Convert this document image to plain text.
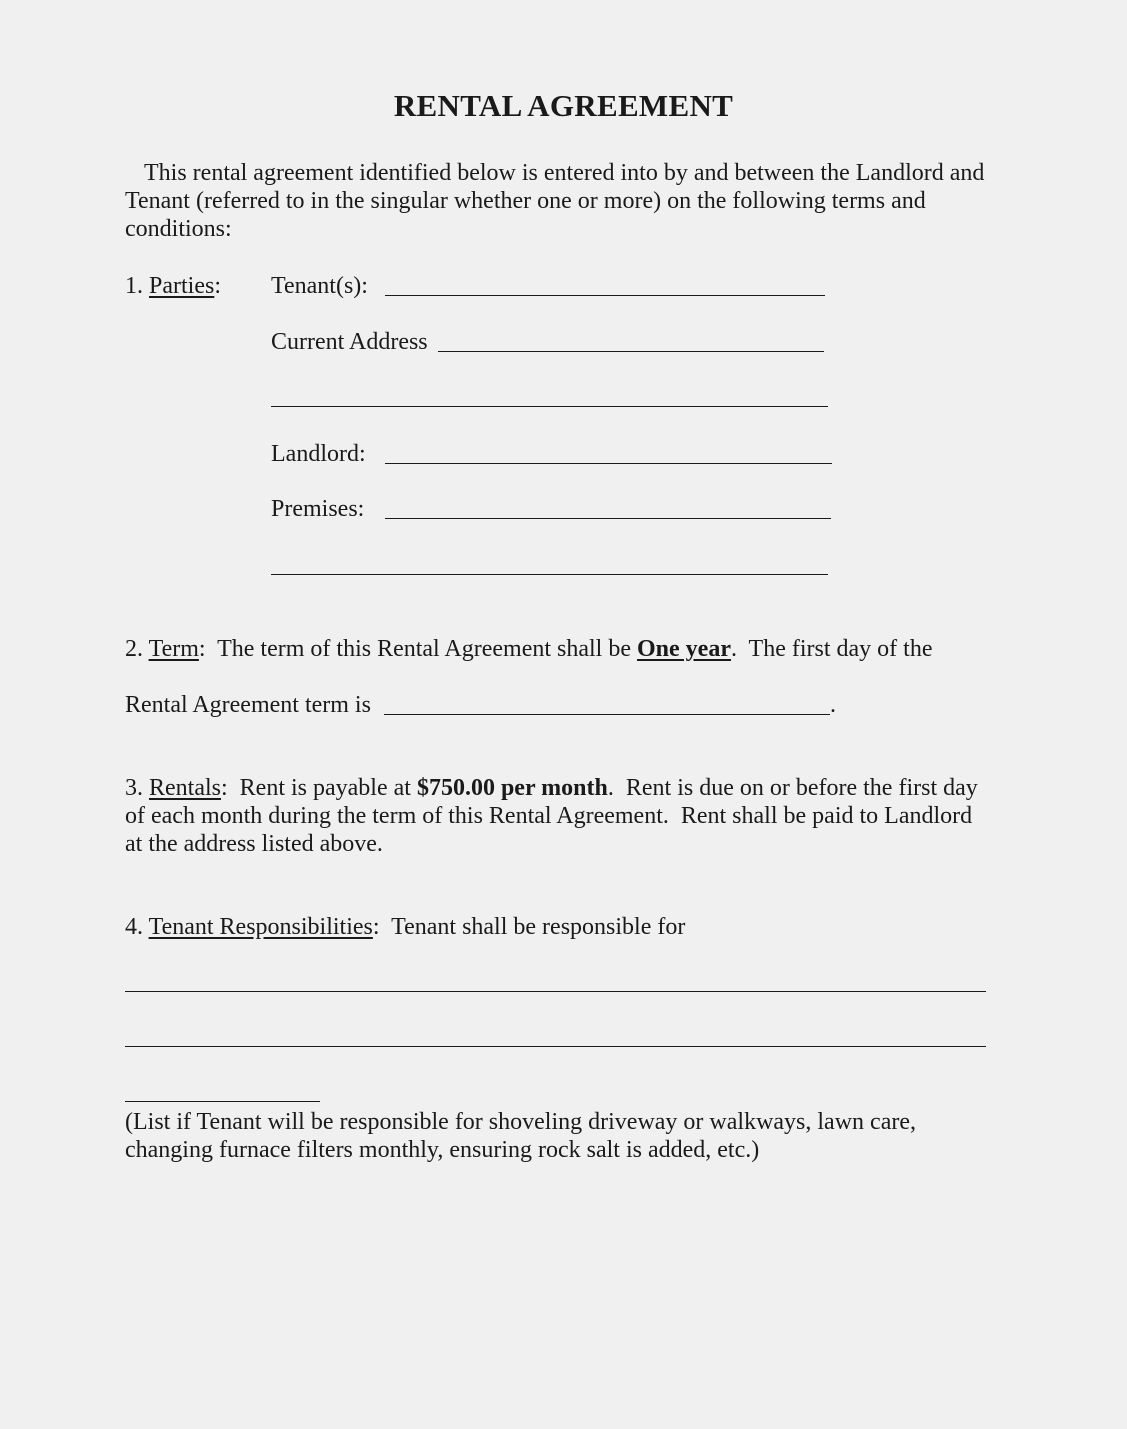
RENTAL AGREEMENT
This rental agreement identified below is entered into by and between the Landlord and Tenant (referred to in the singular whether one or more) on the following terms and conditions:
1. Parties: Tenant(s):
Current Address
Landlord:
Premises:
2. Term:  The term of this Rental Agreement shall be One year.  The first day of the
Rental Agreement term is	.
3. Rentals:  Rent is payable at $750.00 per month.  Rent is due on or before the first day
of each month during the term of this Rental Agreement.  Rent shall be paid to Landlord
at the address listed above.
4. Tenant Responsibilities:  Tenant shall be responsible for
(List if Tenant will be responsible for shoveling driveway or walkways, lawn care,
changing furnace filters monthly, ensuring rock salt is added, etc.)
